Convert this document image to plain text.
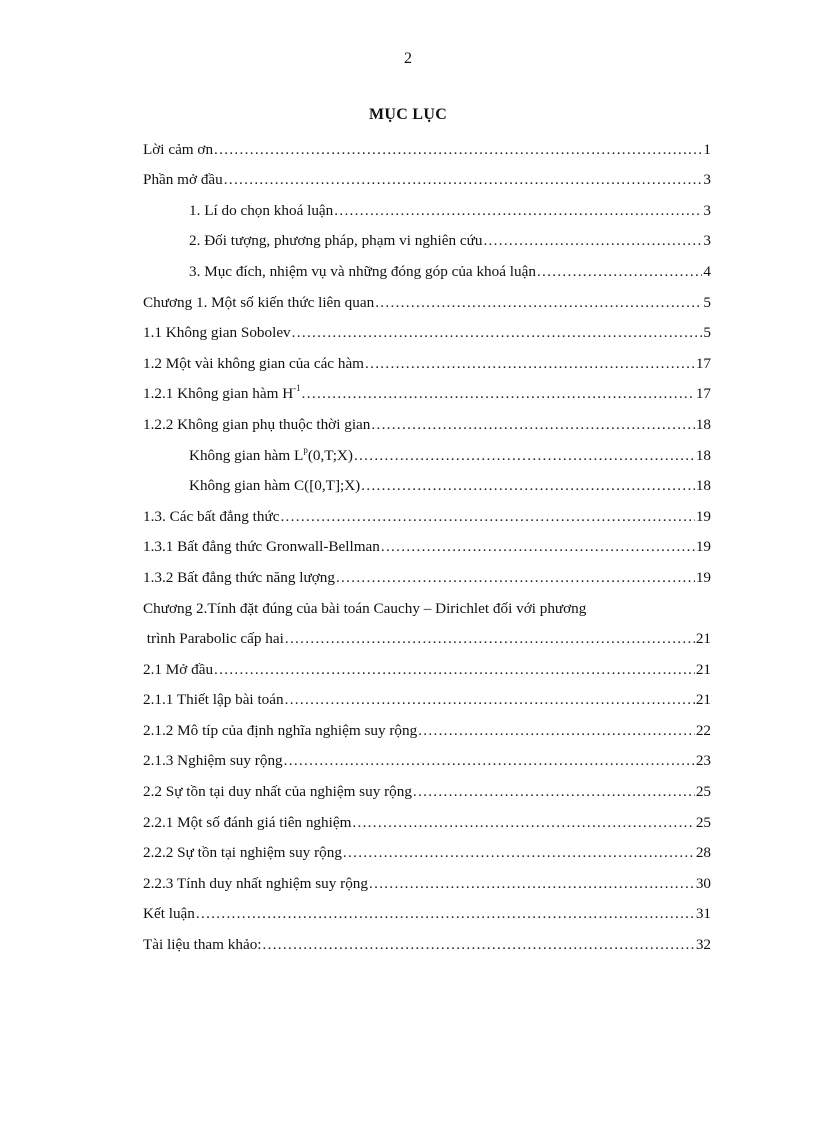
2
MỤC LỤC
Lời cảm ơn .....	1
Phần mở đầu .....	3
1. Lí do chọn khoá luận .....	3
2. Đối tượng, phương pháp, phạm vi nghiên cứu .....	3
3. Mục đích, nhiệm vụ và những đóng góp của khoá luận .....	4
Chương 1. Một số kiến thức liên quan .....	5
1.1 Không gian Sobolev .....	5
1.2 Một vài không gian của các hàm .....	17
1.2.1 Không gian hàm $H^{-1}$ .....	17
1.2.2 Không gian phụ thuộc thời gian .....	18
Không gian hàm $L^p(0,T;X)$ .....	18
Không gian hàm C([0,T];X) .....	18
1.3. Các bất đẳng thức .....	19
1.3.1 Bất đẳng thức Gronwall-Bellman .....	19
1.3.2 Bất đẳng thức năng lượng .....	19
Chương 2.Tính đặt đúng của bài toán Cauchy – Dirichlet đối với phương
trình Parabolic cấp hai .....	21
2.1 Mở đầu .....	21
2.1.1 Thiết lập bài toán .....	21
2.1.2 Mô típ của định nghĩa nghiệm suy rộng .....	22
2.1.3 Nghiệm suy rộng .....	23
2.2 Sự tồn tại duy nhất của nghiệm suy rộng .....	25
2.2.1 Một số đánh giá tiên nghiệm .....	25
2.2.2 Sự tồn tại nghiệm suy rộng .....	28
2.2.3 Tính duy nhất nghiệm suy rộng .....	30
Kết luận .....	31
Tài liệu tham khảo: .....	32
